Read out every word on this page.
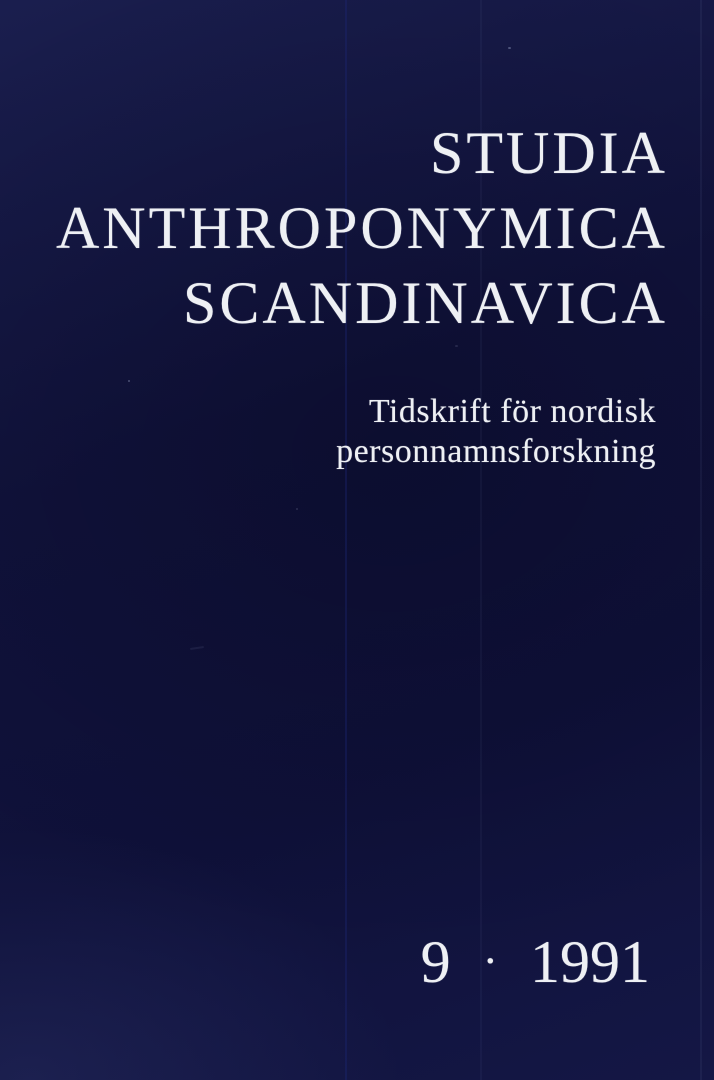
STUDIA
ANTHROPONYMICA
SCANDINAVICA
Tidskrift för nordisk
personnamnsforskning
9 · 1991
